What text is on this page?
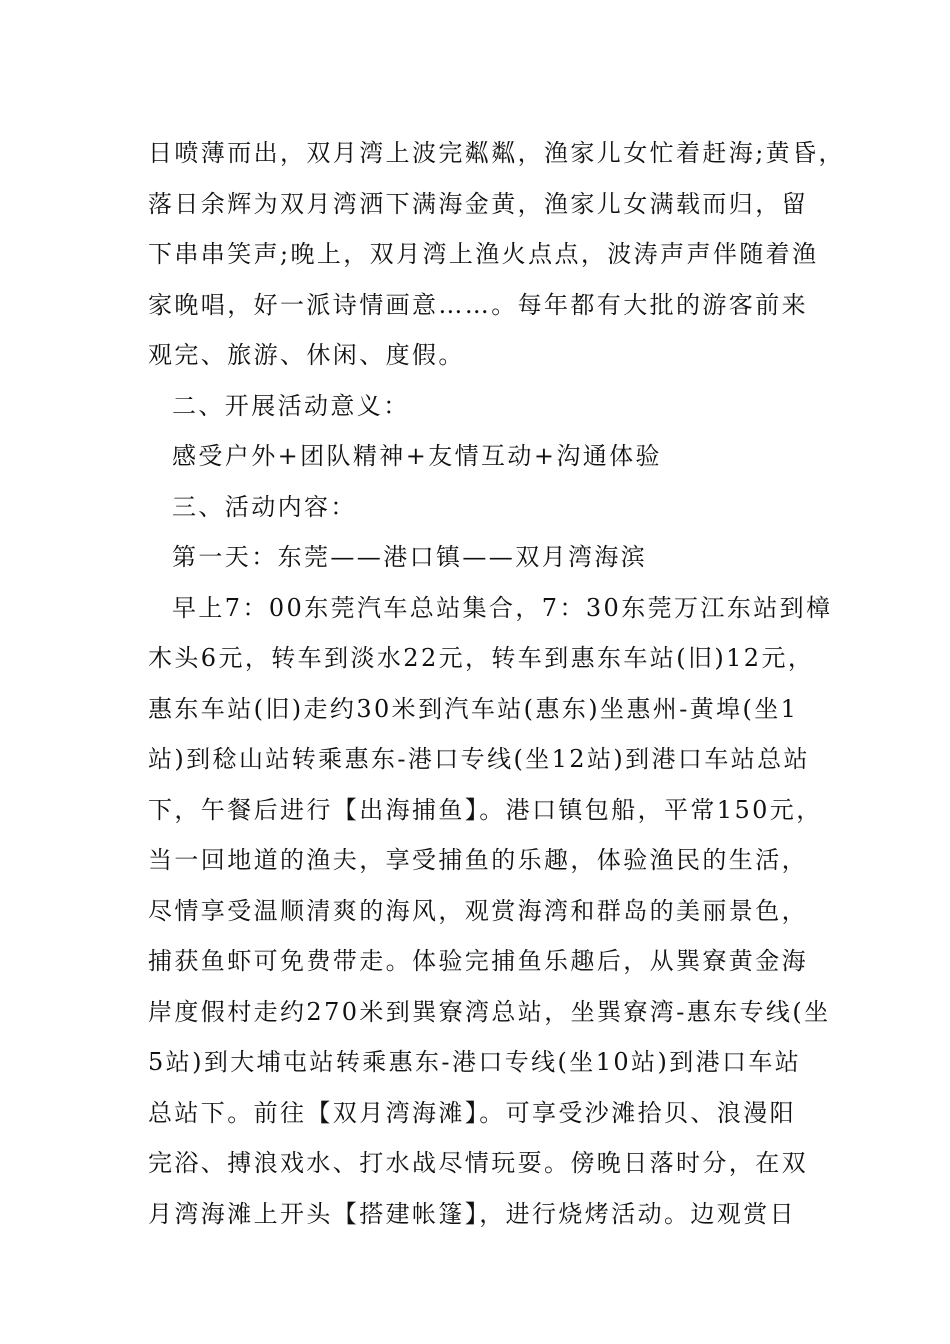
日喷薄而出，双月湾上波完粼粼，渔家儿女忙着赶海;黄昏，
落日余辉为双月湾洒下满海金黄，渔家儿女满载而归，留
下串串笑声;晚上，双月湾上渔火点点，波涛声声伴随着渔
家晚唱，好一派诗情画意……。每年都有大批的游客前来
观完、旅游、休闲、度假。
二、开展活动意义：
感受户外+团队精神+友情互动+沟通体验
三、活动内容：
第一天：东莞——港口镇——双月湾海滨
早上7：00东莞汽车总站集合，7：30东莞万江东站到樟
木头6元，转车到淡水22元，转车到惠东车站(旧)12元，
惠东车站(旧)走约30米到汽车站(惠东)坐惠州-黄埠(坐1
站)到稔山站转乘惠东-港口专线(坐12站)到港口车站总站
下，午餐后进行【出海捕鱼】。港口镇包船，平常150元，
当一回地道的渔夫，享受捕鱼的乐趣，体验渔民的生活，
尽情享受温顺清爽的海风，观赏海湾和群岛的美丽景色，
捕获鱼虾可免费带走。体验完捕鱼乐趣后，从巽寮黄金海
岸度假村走约270米到巽寮湾总站，坐巽寮湾-惠东专线(坐
5站)到大埔屯站转乘惠东-港口专线(坐10站)到港口车站
总站下。前往【双月湾海滩】。可享受沙滩拾贝、浪漫阳
完浴、搏浪戏水、打水战尽情玩耍。傍晚日落时分，在双
月湾海滩上开头【搭建帐篷】，进行烧烤活动。边观赏日
